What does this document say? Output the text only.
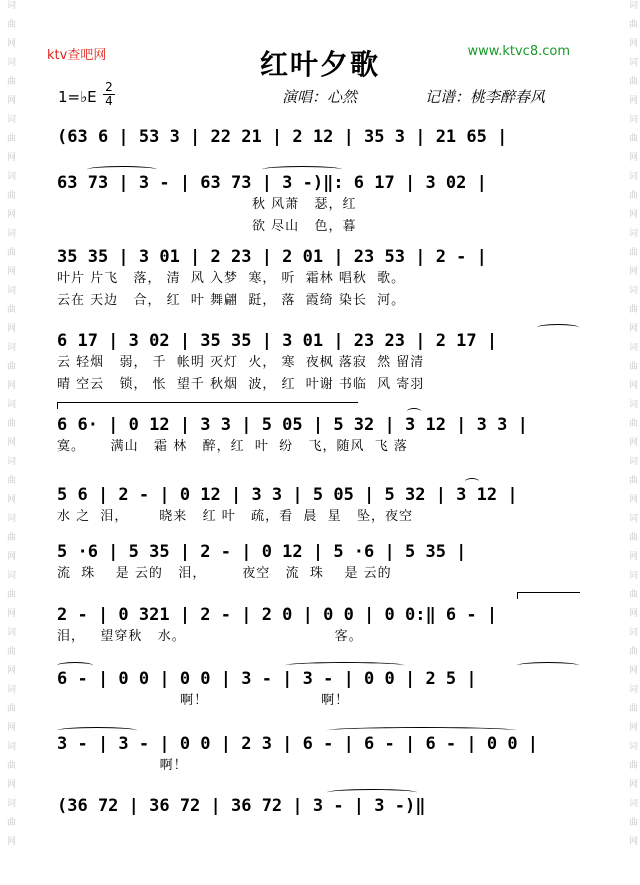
词曲网词曲网词曲网词曲网词曲网词曲网词曲网词曲网词曲网词曲网词曲网词曲网词曲网词曲网词曲网	词曲网词曲网词曲网词曲网词曲网词曲网词曲网词曲网词曲网词曲网词曲网词曲网词曲网词曲网词曲网
ktv查吧网	www.ktvc8.com
红叶夕歌
1=♭E
2
4	演唱：心然	记谱：桃李醉春风
(63 6 | 53 3 | 22 21 | 2 12 | 35 3 | 21 65 |
63 73 | 3 - | 63 73 | 3 -)‖: 6 17 | 3 02 |
秋 风萧   瑟，红
欲 尽山   色，暮
35 35 | 3 01 | 2 23 | 2 01 | 23 53 | 2 - |
叶片 片飞   落， 清  风 入梦  寒， 听  霜林 唱秋  歌。
云在 天边   合， 红  叶 舞翩  跹， 落  霞绮 染长  河。
6 17 | 3 02 | 35 35 | 3 01 | 23 23 | 2 17 |
云 轻烟   弱， 千  帐明 灭灯  火， 寒  夜枫 落寂  然 留清
晴 空云   锁， 怅  望千 秋烟  波， 红  叶谢 书临  风 寄羽
6 6· | 0 12 | 3 3 | 5 05 | 5 32 | 3 12 | 3 3 |
寞。     满山   霜 林   醉，红  叶  纷   飞，随风  飞 落
5 6 | 2 - | 0 12 | 3 3 | 5 05 | 5 32 | 3 12 |
水 之  泪，      晓来   红 叶   疏，看  晨  星   坠，夜空
5 ·6 | 5 35 | 2 - | 0 12 | 5 ·6 | 5 35 |
流  珠    是 云的   泪，       夜空   流  珠    是 云的
2 - | 0 321 | 2 - | 2 0 | 0 0 | 0 0:‖ 6 - |
泪，   望穿秋   水。                             客。
6 - | 0 0 | 0 0 | 3 - | 3 - | 0 0 | 2 5 |
啊！                      啊！
3 - | 3 - | 0 0 | 2 3 | 6 - | 6 - | 6 - | 0 0 |
啊！
(36 72 | 36 72 | 36 72 | 3 - | 3 -)‖
